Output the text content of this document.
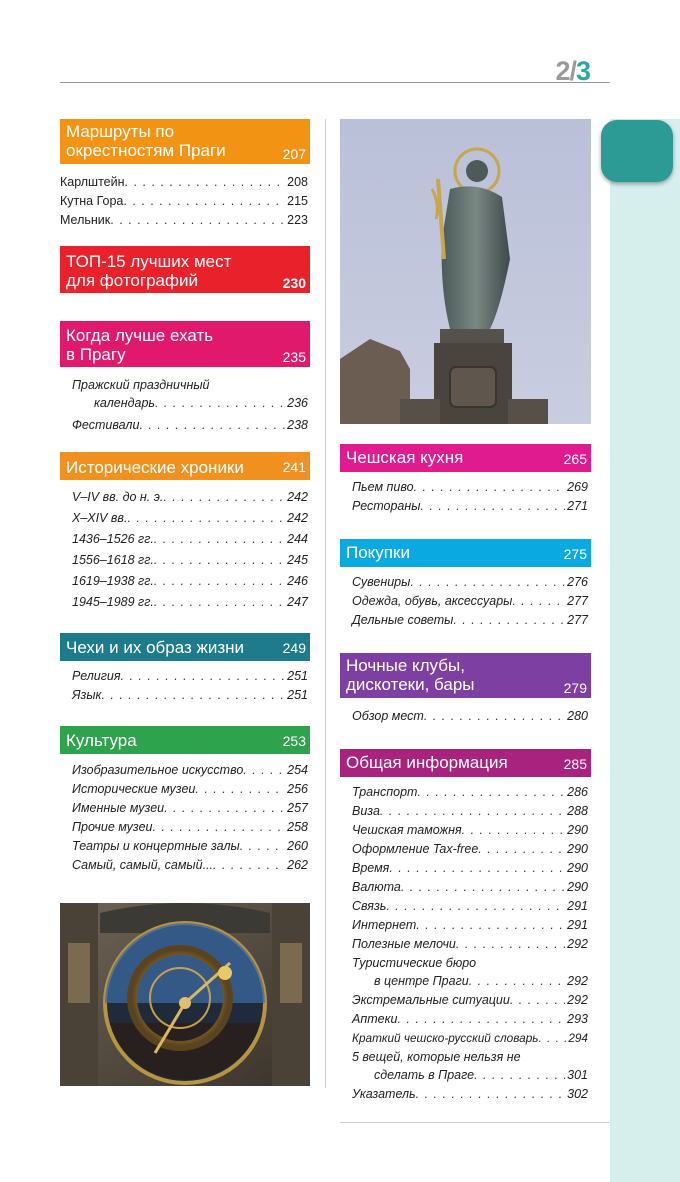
2/3
Маршруты по
окрестностям Праги	207
Карлштейн . . .	208
Кутна Гора . . .	215
Мельник . . .	223
ТОП-15 лучших мест
для фотографий	230
Когда лучше ехать
в Прагу	235
Пражский праздничный
календарь . . .	236
Фестивали . . .	238
Исторические хроники	241
V–IV вв. до н. э. . . .	242
X–XIV вв. . . .	242
1436–1526 гг. . . .	244
1556–1618 гг. . . .	245
1619–1938 гг. . . .	246
1945–1989 гг. . . .	247
Чехи и их образ жизни	249
Религия . . .	251
Язык . . .	251
Культура	253
Изобразительное искусство . . .	254
Исторические музеи . . .	256
Именные музеи . . .	257
Прочие музеи . . .	258
Театры и концертные залы . . .	260
Самый, самый, самый... . . .	262
Чешская кухня	265
Пьем пиво . . .	269
Рестораны . . .	271
Покупки	275
Сувениры . . .	276
Одежда, обувь, аксессуары . . .	277
Дельные советы . . .	277
Ночные клубы,
дискотеки, бары	279
Обзор мест . . .	280
Общая информация	285
Транспорт . . .	286
Виза . . .	288
Чешская таможня . . .	290
Оформление Tax-free . . .	290
Время . . .	290
Валюта . . .	290
Связь . . .	291
Интернет . . .	291
Полезные мелочи . . .	292
Туристические бюро
в центре Праги . . .	292
Экстремальные ситуации . . .	292
Аптеки . . .	293
Краткий чешско-русский словарь . . .	294
5 вещей, которые нельзя не
сделать в Праге . . .	301
Указатель . . .	302
